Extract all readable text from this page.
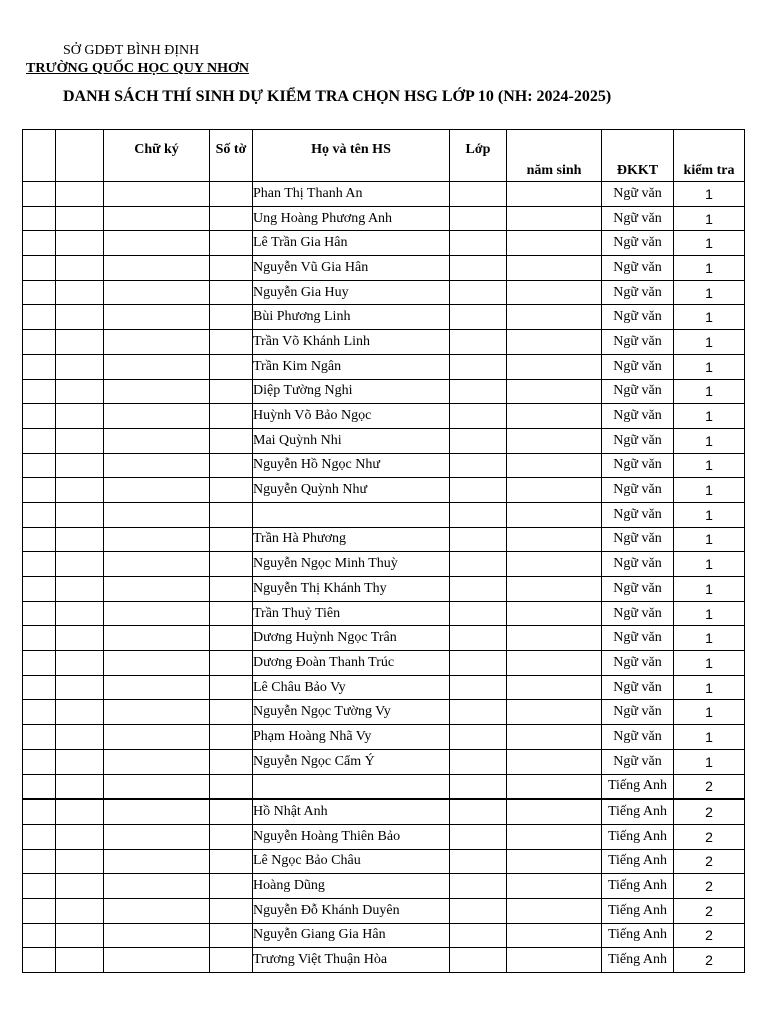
SỞ GDĐT BÌNH ĐỊNH
TRƯỜNG QUỐC HỌC QUY NHƠN
DANH SÁCH THÍ SINH DỰ KIỂM TRA CHỌN HSG LỚP 10 (NH: 2024-2025)
		Chữ ký	Số tờ	Họ và tên HS	Lớp	năm sinh	ĐKKT	kiểm tra
				Phan Thị Thanh An			Ngữ văn	1
				Ung Hoàng Phương Anh			Ngữ văn	1
				Lê Trần Gia Hân			Ngữ văn	1
				Nguyễn Vũ Gia Hân			Ngữ văn	1
				Nguyễn Gia Huy			Ngữ văn	1
				Bùi Phương Linh			Ngữ văn	1
				Trần Võ Khánh Linh			Ngữ văn	1
				Trần Kim Ngân			Ngữ văn	1
				Diệp Tường Nghi			Ngữ văn	1
				Huỳnh Võ Bảo Ngọc			Ngữ văn	1
				Mai Quỳnh Nhi			Ngữ văn	1
				Nguyễn Hồ Ngọc Như			Ngữ văn	1
				Nguyễn Quỳnh Như			Ngữ văn	1
							Ngữ văn	1
				Trần Hà Phương			Ngữ văn	1
				Nguyễn Ngọc Minh Thuỳ			Ngữ văn	1
				Nguyễn Thị Khánh Thy			Ngữ văn	1
				Trần Thuỷ Tiên			Ngữ văn	1
				Dương Huỳnh Ngọc Trân			Ngữ văn	1
				Dương Đoàn Thanh Trúc			Ngữ văn	1
				Lê Châu Bảo Vy			Ngữ văn	1
				Nguyễn Ngọc Tường Vy			Ngữ văn	1
				Phạm Hoàng Nhã Vy			Ngữ văn	1
				Nguyễn Ngọc Cẩm Ý			Ngữ văn	1
							Tiếng Anh	2
				Hồ Nhật Anh			Tiếng Anh	2
				Nguyễn Hoàng Thiên Bảo			Tiếng Anh	2
				Lê Ngọc Bảo Châu			Tiếng Anh	2
				Hoàng Dũng			Tiếng Anh	2
				Nguyễn Đỗ Khánh Duyên			Tiếng Anh	2
				Nguyễn Giang Gia Hân			Tiếng Anh	2
				Trương Việt Thuận Hòa			Tiếng Anh	2
